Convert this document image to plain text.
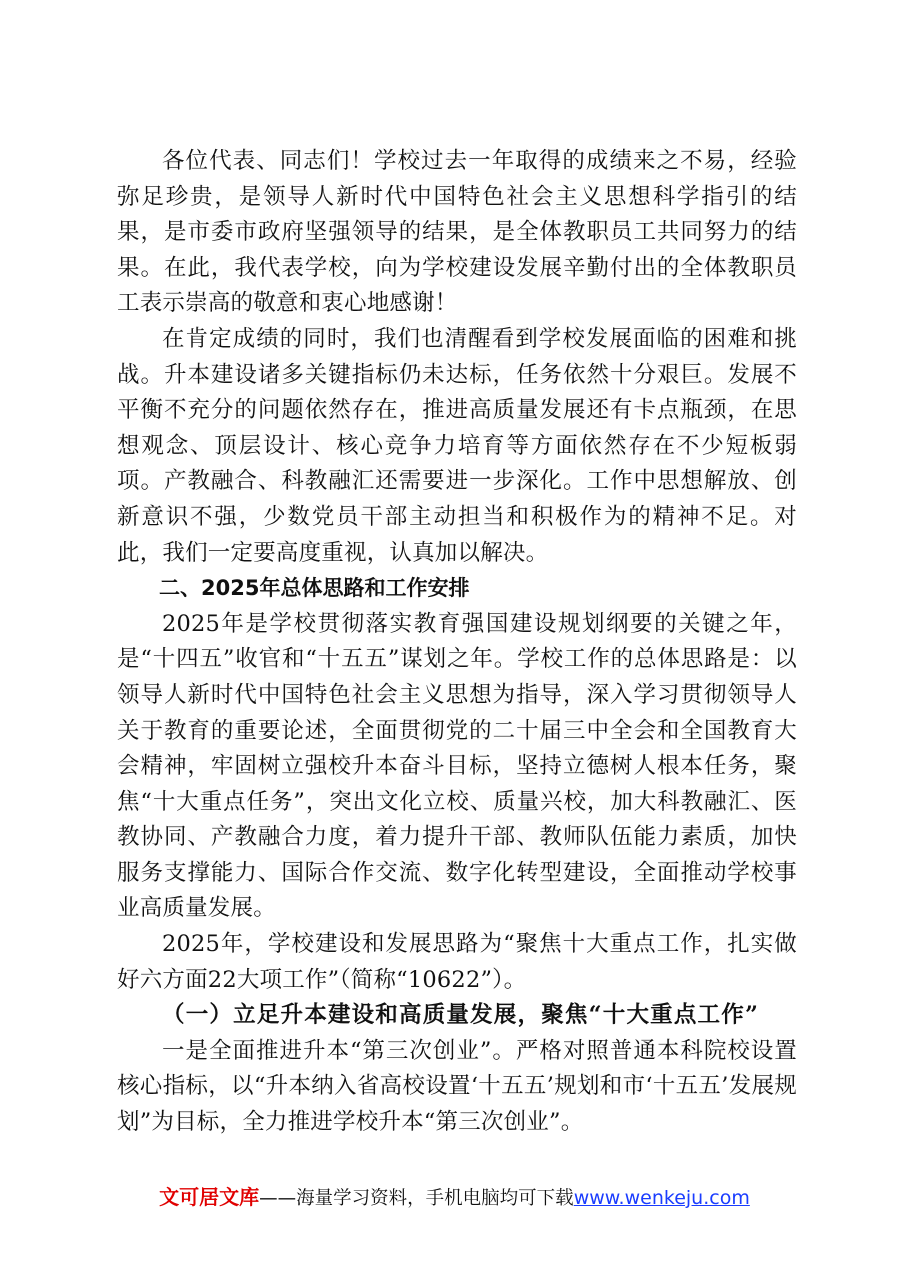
各位代表、同志们！学校过去一年取得的成绩来之不易，经验弥足珍贵，是领导人新时代中国特色社会主义思想科学指引的结果，是市委市政府坚强领导的结果，是全体教职员工共同努力的结果。在此，我代表学校，向为学校建设发展辛勤付出的全体教职员工表示崇高的敬意和衷心地感谢！

在肯定成绩的同时，我们也清醒看到学校发展面临的困难和挑战。升本建设诸多关键指标仍未达标，任务依然十分艰巨。发展不平衡不充分的问题依然存在，推进高质量发展还有卡点瓶颈，在思想观念、顶层设计、核心竞争力培育等方面依然存在不少短板弱项。产教融合、科教融汇还需要进一步深化。工作中思想解放、创新意识不强，少数党员干部主动担当和积极作为的精神不足。对此，我们一定要高度重视，认真加以解决。

二、2025年总体思路和工作安排

2025年是学校贯彻落实教育强国建设规划纲要的关键之年，是“十四五”收官和“十五五”谋划之年。学校工作的总体思路是：以领导人新时代中国特色社会主义思想为指导，深入学习贯彻领导人关于教育的重要论述，全面贯彻党的二十届三中全会和全国教育大会精神，牢固树立强校升本奋斗目标，坚持立德树人根本任务，聚焦“十大重点任务”，突出文化立校、质量兴校，加大科教融汇、医教协同、产教融合力度，着力提升干部、教师队伍能力素质，加快服务支撑能力、国际合作交流、数字化转型建设，全面推动学校事业高质量发展。

2025年，学校建设和发展思路为“聚焦十大重点工作，扎实做好六方面22大项工作”（简称“10622”）。

（一）立足升本建设和高质量发展，聚焦“十大重点工作”

一是全面推进升本“第三次创业”。严格对照普通本科院校设置核心指标，以“升本纳入省高校设置‘十五五’规划和市‘十五五’发展规划”为目标，全力推进学校升本“第三次创业”。

文可居文库——海量学习资料，手机电脑均可下载www.wenkeju.com
